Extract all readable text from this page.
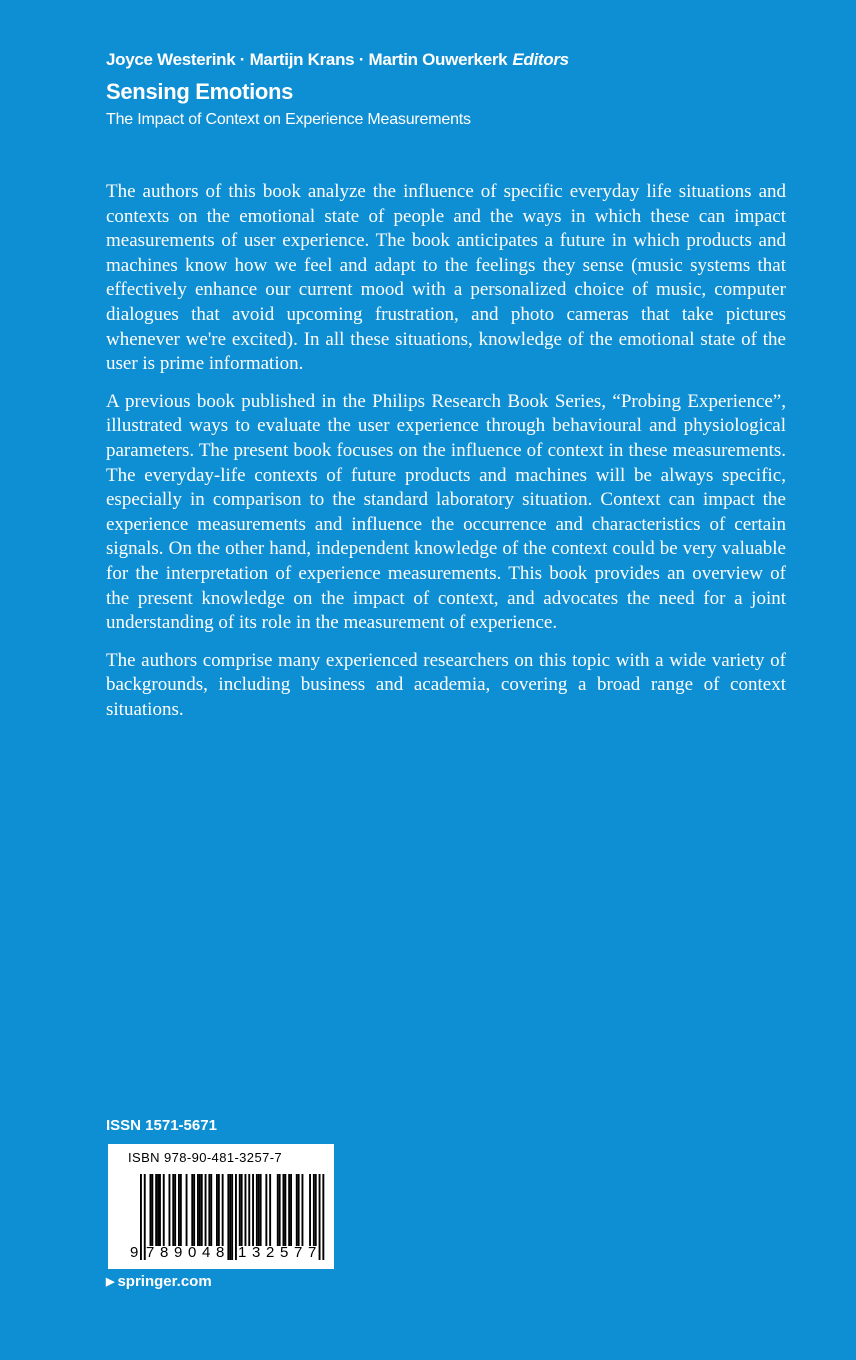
Joyce Westerink · Martijn Krans · Martin Ouwerkerk Editors
Sensing Emotions
The Impact of Context on Experience Measurements

The authors of this book analyze the influence of specific everyday life situations and contexts on the emotional state of people and the ways in which these can impact measurements of user experience. The book anticipates a future in which products and machines know how we feel and adapt to the feelings they sense (music systems that effectively enhance our current mood with a personalized choice of music, computer dialogues that avoid upcoming frustration, and photo cameras that take pictures whenever we're excited). In all these situations, knowledge of the emotional state of the user is prime information.

A previous book published in the Philips Research Book Series, “Probing Experience”, illustrated ways to evaluate the user experience through behavioural and physiological parameters. The present book focuses on the influence of context in these measurements. The everyday-life contexts of future products and machines will be always specific, especially in comparison to the standard laboratory situation. Context can impact the experience measurements and influence the occurrence and characteristics of certain signals. On the other hand, independent knowledge of the context could be very valuable for the interpretation of experience measurements. This book provides an overview of the present knowledge on the impact of context, and advocates the need for a joint understanding of its role in the measurement of experience.

The authors comprise many experienced researchers on this topic with a wide variety of backgrounds, including business and academia, covering a broad range of context situations.

ISSN 1571-5671
ISBN 978-90-481-3257-7
9 7 8 9 0 4 8 1 3 2 5 7 7
▶ springer.com
